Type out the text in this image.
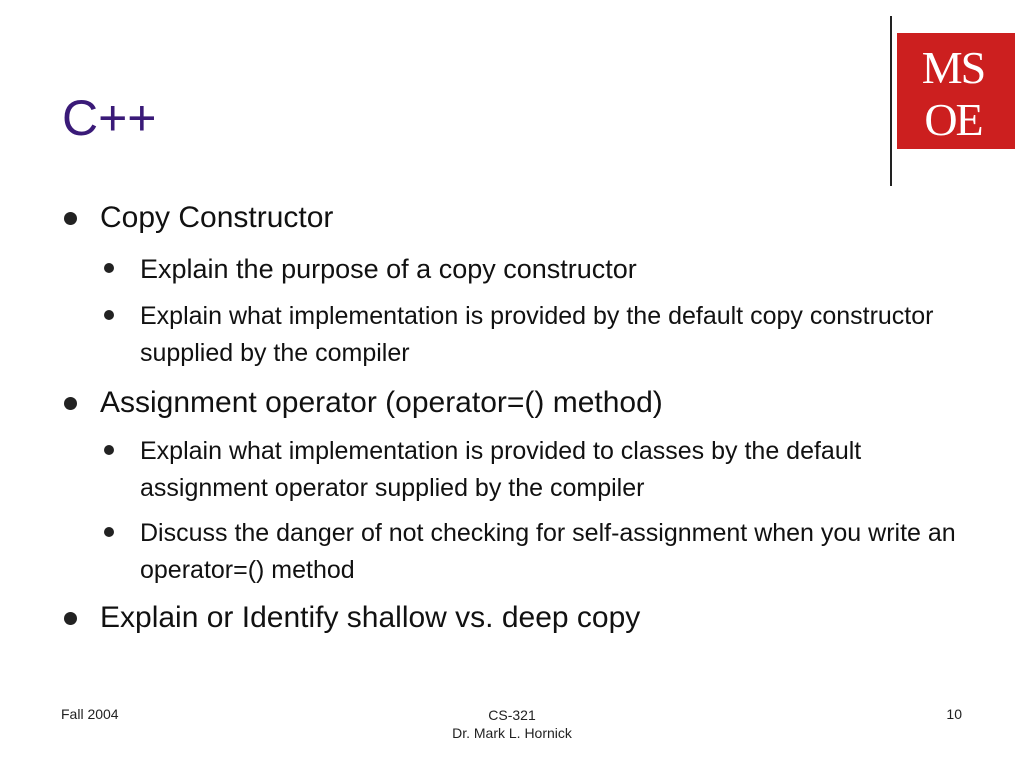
C++
MS
OE
Copy Constructor
Explain the purpose of a copy constructor
Explain what implementation is provided by the default copy constructor supplied by the compiler
Assignment operator (operator=() method)
Explain what implementation is provided to classes by the default assignment operator supplied by the compiler
Discuss the danger of not checking for self-assignment when you write an operator=() method
Explain or Identify shallow vs. deep copy
Fall 2004	CS-321
Dr. Mark L. Hornick
10
